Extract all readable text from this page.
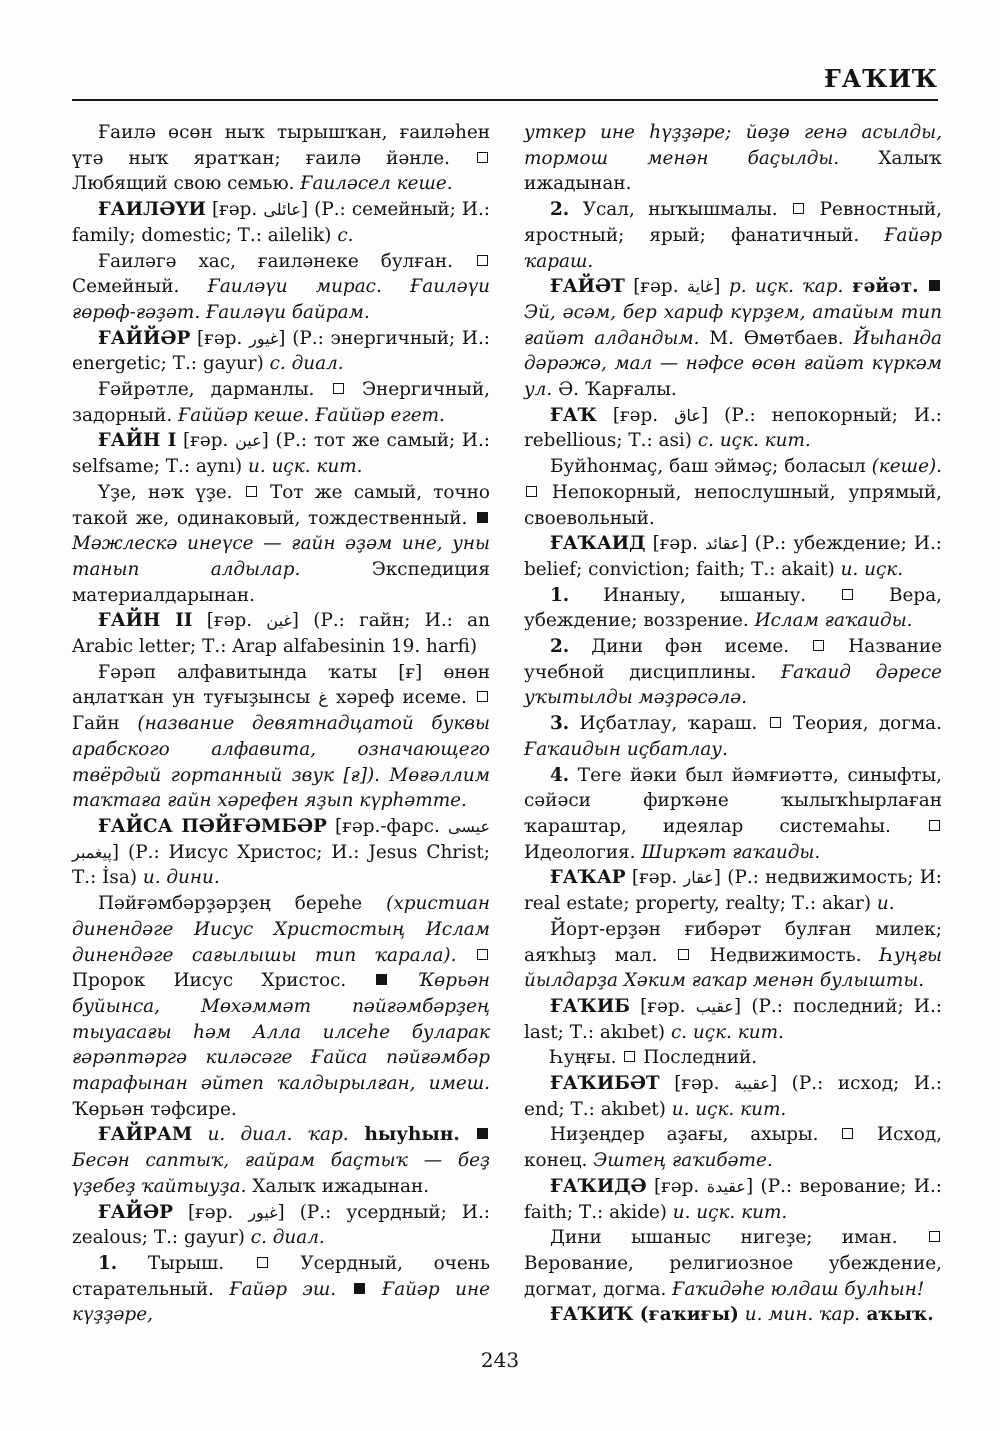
ҒАҠИҠ

Ғаилә өсөн ныҡ тырышҡан, ғаиләһен үтә ныҡ яратҡан; ғаилә йәнле.  Любящий свою семью. Ғаиләсел кеше.

ҒАИЛӘҮИ [ғәр. عائلى] (Р.: семейный; И.: family; domestic; Т.: ailelik) с.

Ғаиләгә хас, ғаиләнеке булған.  Семейный. Ғаиләүи мирас. Ғаиләүи ғөрөф-ғәҙәт. Ғаиләүи байрам.

ҒАЙЙӘР [ғәр. غيور] (Р.: энергичный; И.: energetic; Т.: gayur) с. диал.

Ғәйрәтле, дарманлы.  Энергичный, задорный. Ғаййәр кеше. Ғаййәр егет.

ҒАЙН I [ғәр. عين] (Р.: тот же самый; И.: selfsame; Т.: aynı) и. иҫк. кит.

Үҙе, нәҡ үҙе.  Тот же самый, точно такой же, одинаковый, тождественный.  Мәжлескә инеүсе — ғайн әҙәм ине, уны танып алдылар. Экспедиция материалдарынан.

ҒАЙН II [ғәр. غين] (Р.: гайн; И.: an Arabic letter; Т.: Arap alfabesinin 19. harfi)

Ғәрәп алфавитында ҡаты [ғ] өнөн аңлатҡан ун туғыҙынсы غ хәреф исеме.  Гайн (название девятнадцатой буквы арабского алфавита, означающего твёрдый гортанный звук [ғ]). Мөғәллим таҡтаға ғайн хәрефен яҙып күрһәтте.

ҒАЙСА ПӘЙҒӘМБӘР [ғәр.-фарс. عيسى پيغمبر] (Р.: Иисус Христос; И.: Jesus Christ; Т.: İsa) и. дини.

Пәйғәмбәрҙәрҙең береһе (христиан динендәге Иисус Христостың Ислам динендәге сағылышы тип ҡарала).  Пророк Иисус Христос.  Ҡөрьән буйынса, Мөхәммәт пәйғәмбәрҙең тыуасағы һәм Алла илсеһе буларак ғәрәптәргә киләсәге Ғайса пәйғәмбәр тарафынан әйтеп ҡалдырылған, имеш. Ҡөрьән тәфсире.

ҒАЙРАМ и. диал. ҡар. һыуһын.  Бесән саптыҡ, ғайрам баҫтыҡ — беҙ үҙебеҙ ҡайтыуҙа. Халыҡ ижадынан.

ҒАЙӘР [ғәр. غيور] (Р.: усердный; И.: zealous; Т.: gayur) с. диал.

1. Тырыш.  Усердный, очень старательный. Ғайәр эш.  Ғайәр ине күҙҙәре,

уткер ине һүҙҙәре; йөҙө генә асылды, тормош менән баҫылды. Халыҡ ижадынан.

2. Усал, ныҡышмалы.  Ревностный, яростный; ярый; фанатичный. Ғайәр ҡараш.

ҒАЙӘТ [ғәр. غاية] р. иҫк. ҡар. ғәйәт.  Эй, әсәм, бер хариф күрҙем, атайым тип ғайәт алдандым. М. Өмөтбаев. Йыһанда дәрәжә, мал — нәфсе өсөн ғайәт күркәм ул. Ә. Ҡарғалы.

ҒАҠ [ғәр. عاق] (Р.: непокорный; И.: rebellious; Т.: asi) с. иҫк. кит.

Буйһонмаҫ, баш эймәҫ; боласыл (кеше).  Непокорный, непослушный, упрямый, своевольный.

ҒАҠАИД [ғәр. عقائد] (Р.: убеждение; И.: belief; conviction; faith; Т.: akait) и. иҫк.

1. Инаныу, ышаныу.  Вера, убеждение; воззрение. Ислам ғаҡаиды.

2. Дини фән исеме.  Название учебной дисциплины. Ғаҡаид дәресе уҡытылды мәҙрәсәлә.

3. Иҫбатлау, ҡараш.  Теория, догма. Ғаҡаидын иҫбатлау.

4. Теге йәки был йәмғиәттә, синыфты, сәйәси фирҡәне ҡылыҡһырлаған ҡараштар, идеялар системаһы.  Идеология. Ширҡәт ғаҡаиды.

ҒАҠАР [ғәр. عقار] (Р.: недвижимость; И: real estate; property, realty; Т.: akar) и.

Йорт-ерҙән ғибәрәт булған милек; аяҡһыҙ мал.  Недвижимость. Һуңғы йылдарҙа Хәким ғаҡар менән булышты.

ҒАҠИБ [ғәр. عقيب] (Р.: последний; И.: last; Т.: akıbet) с. иҫк. кит.

Һуңғы.  Последний.

ҒАҠИБӘТ [ғәр. عقيبة] (Р.: исход; И.: end; Т.: akıbet) и. иҫк. кит.

Ниҙеңдер аҙағы, ахыры.  Исход, конец. Эштең ғаҡибәте.

ҒАҠИДӘ [ғәр. عقيدة] (Р.: верование; И.: faith; Т.: akide) и. иҫк. кит.

Дини ышаныс нигеҙе; иман.  Верование, религиозное убеждение, догмат, догма. Ғаҡидәһе юлдаш булһын!

ҒАҠИҠ (ғаҡиғы) и. мин. ҡар. аҡыҡ.

243
